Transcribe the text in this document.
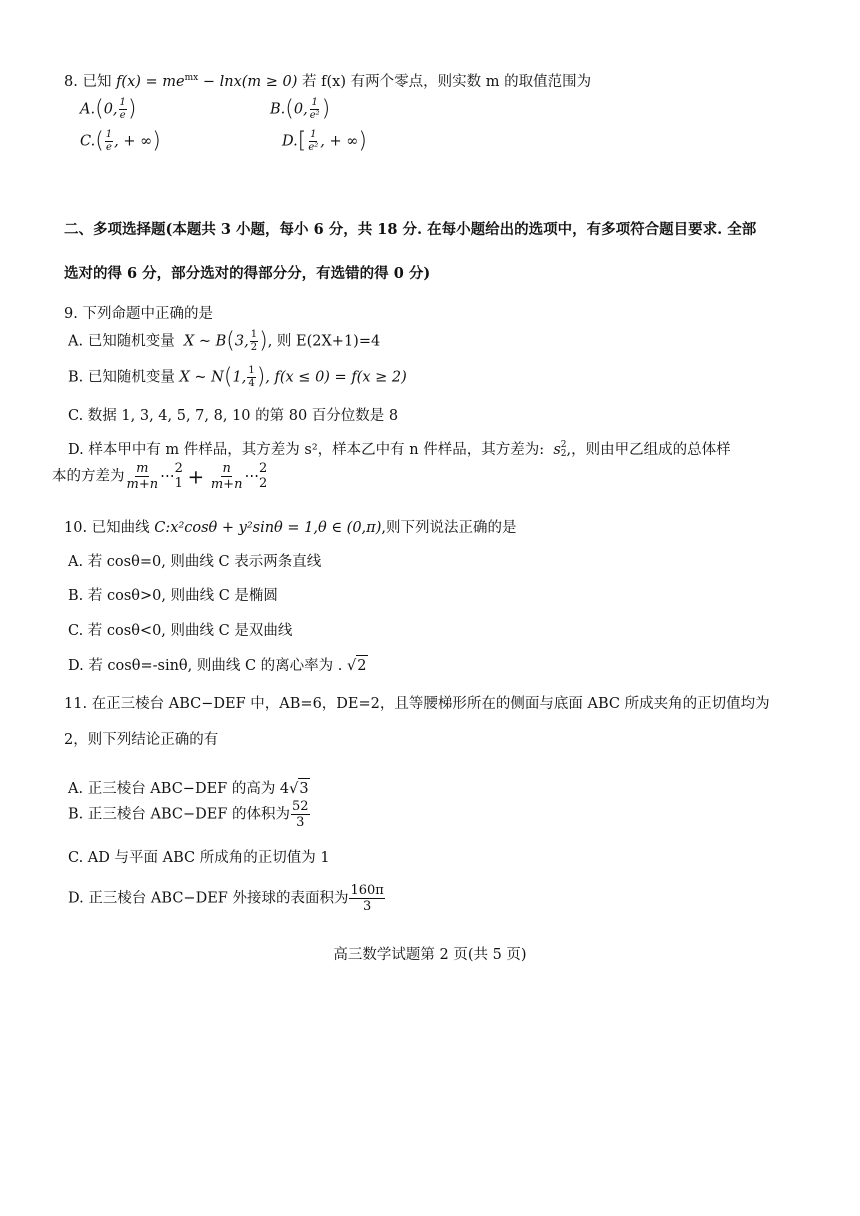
8. 已知 $f(x) = me^{mx} - \ln x(m \ge 0)$ 若 f(x) 有两个零点，则实数 m 的取值范围为
A.(0, $\frac{1}{e}$ )	B.(0, $\frac{1}{\text{e²}}$ )
$C.( \frac{1}{e}$ , + ∞)	$D.[ \frac{1}{\text{e²}}$ , + ∞)
二、多项选择题(本题共 3 小题，每小 6 分，共 18 分. 在每小题给出的选项中，有多项符合题目要求. 全部
选对的得 6 分，部分选对的得部分分，有选错的得 0 分)
9. 下列命题中正确的是
A. 已知随机变量 X ~ B(3, $\frac{1}{2}$ ), 则 E(2X+1)=4
B. 已知随机变量 X ~ N(1, $\frac{1}{4}$ ), f(x ≤ 0) = f(x ≥ 2)
C. 数据 1, 3, 4, 5, 7, 8, 10 的第 80 百分位数是 8
D. 样本甲中有 m 件样品，其方差为 s²，样本乙中有 n 件样品，其方差为: s 2
2 ,，则由甲乙组成的总体样
本的方差为 $\frac{m}{m+n}$ ⋯ 2
$1 + \frac{n}{m+n}$ ⋯ 2
2
10. 已知曲线 C:x²cosθ + y²sinθ = 1,θ ∈ (0,π),则下列说法正确的是
A. 若 cosθ=0, 则曲线 C 表示两条直线
B. 若 cosθ>0, 则曲线 C 是椭圆
C. 若 cosθ<0, 则曲线 C 是双曲线
D. 若 cosθ=-sinθ, 则曲线 C 的离心率为 . √2
11. 在正三棱台 ABC−DEF 中，AB=6，DE=2，且等腰梯形所在的侧面与底面 ABC 所成夹角的正切值均为
2，则下列结论正确的有
A. 正三棱台 ABC−DEF 的高为 4√3
B. 正三棱台 ABC−DEF 的体积为 $\frac{52}{3}$
C. AD 与平面 ABC 所成角的正切值为 1
D. 正三棱台 ABC−DEF 外接球的表面积为 $\frac{160\pi}{3}$
高三数学试题第 2 页(共 5 页)
